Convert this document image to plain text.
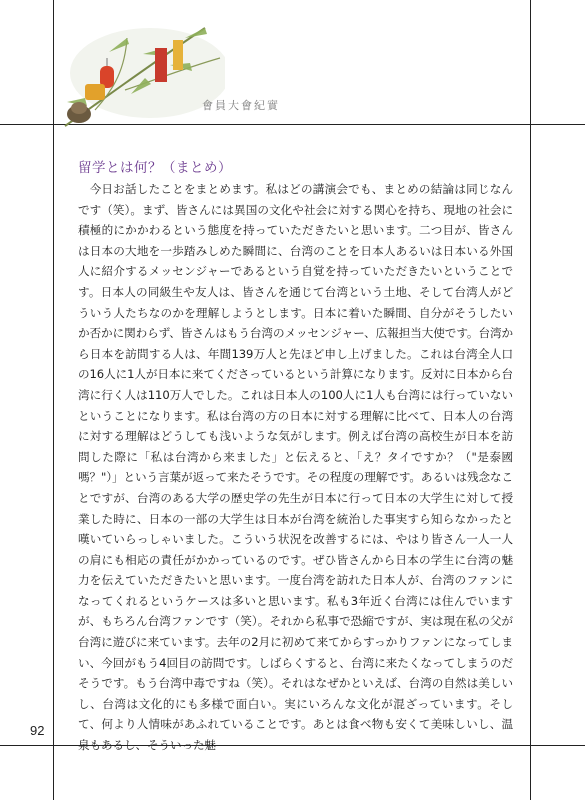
會員大會紀實
留学とは何？（まとめ）
今日お話したことをまとめます。私はどの講演会でも、まとめの結論は同じなんです（笑）。まず、皆さんには異国の文化や社会に対する関心を持ち、現地の社会に積極的にかかわるという態度を持っていただきたいと思います。二つ目が、皆さんは日本の大地を一歩踏みしめた瞬間に、台湾のことを日本人あるいは日本いる外国人に紹介するメッセンジャーであるという自覚を持っていただきたいということです。日本人の同級生や友人は、皆さんを通じて台湾という土地、そして台湾人がどういう人たちなのかを理解しようとします。日本に着いた瞬間、自分がそうしたいか否かに関わらず、皆さんはもう台湾のメッセンジャー、広報担当大使です。台湾から日本を訪問する人は、年間139万人と先ほど申し上げました。これは台湾全人口の16人に1人が日本に来てくださっているという計算になります。反対に日本から台湾に行く人は110万人でした。これは日本人の100人に1人も台湾には行っていないということになります。私は台湾の方の日本に対する理解に比べて、日本人の台湾に対する理解はどうしても浅いような気がします。例えば台湾の高校生が日本を訪問した際に「私は台湾から来ました」と伝えると、「え？タイですか？（"是泰國嗎？"）」という言葉が返って来たそうです。その程度の理解です。あるいは残念なことですが、台湾のある大学の歴史学の先生が日本に行って日本の大学生に対して授業した時に、日本の一部の大学生は日本が台湾を統治した事実すら知らなかったと嘆いていらっしゃいました。こういう状況を改善するには、やはり皆さん一人一人の肩にも相応の責任がかかっているのです。ぜひ皆さんから日本の学生に台湾の魅力を伝えていただきたいと思います。一度台湾を訪れた日本人が、台湾のファンになってくれるというケースは多いと思います。私も3年近く台湾には住んでいますが、もちろん台湾ファンです（笑）。それから私事で恐縮ですが、実は現在私の父が台湾に遊びに来ています。去年の2月に初めて来てからすっかりファンになってしまい、今回がもう4回目の訪問です。しばらくすると、台湾に来たくなってしまうのだそうです。もう台湾中毒ですね（笑）。それはなぜかといえば、台湾の自然は美しいし、台湾は文化的にも多様で面白い。実にいろんな文化が混ざっています。そして、何より人情味があふれていることです。あとは食べ物も安くて美味しいし、温泉もあるし、そういった魅
92
